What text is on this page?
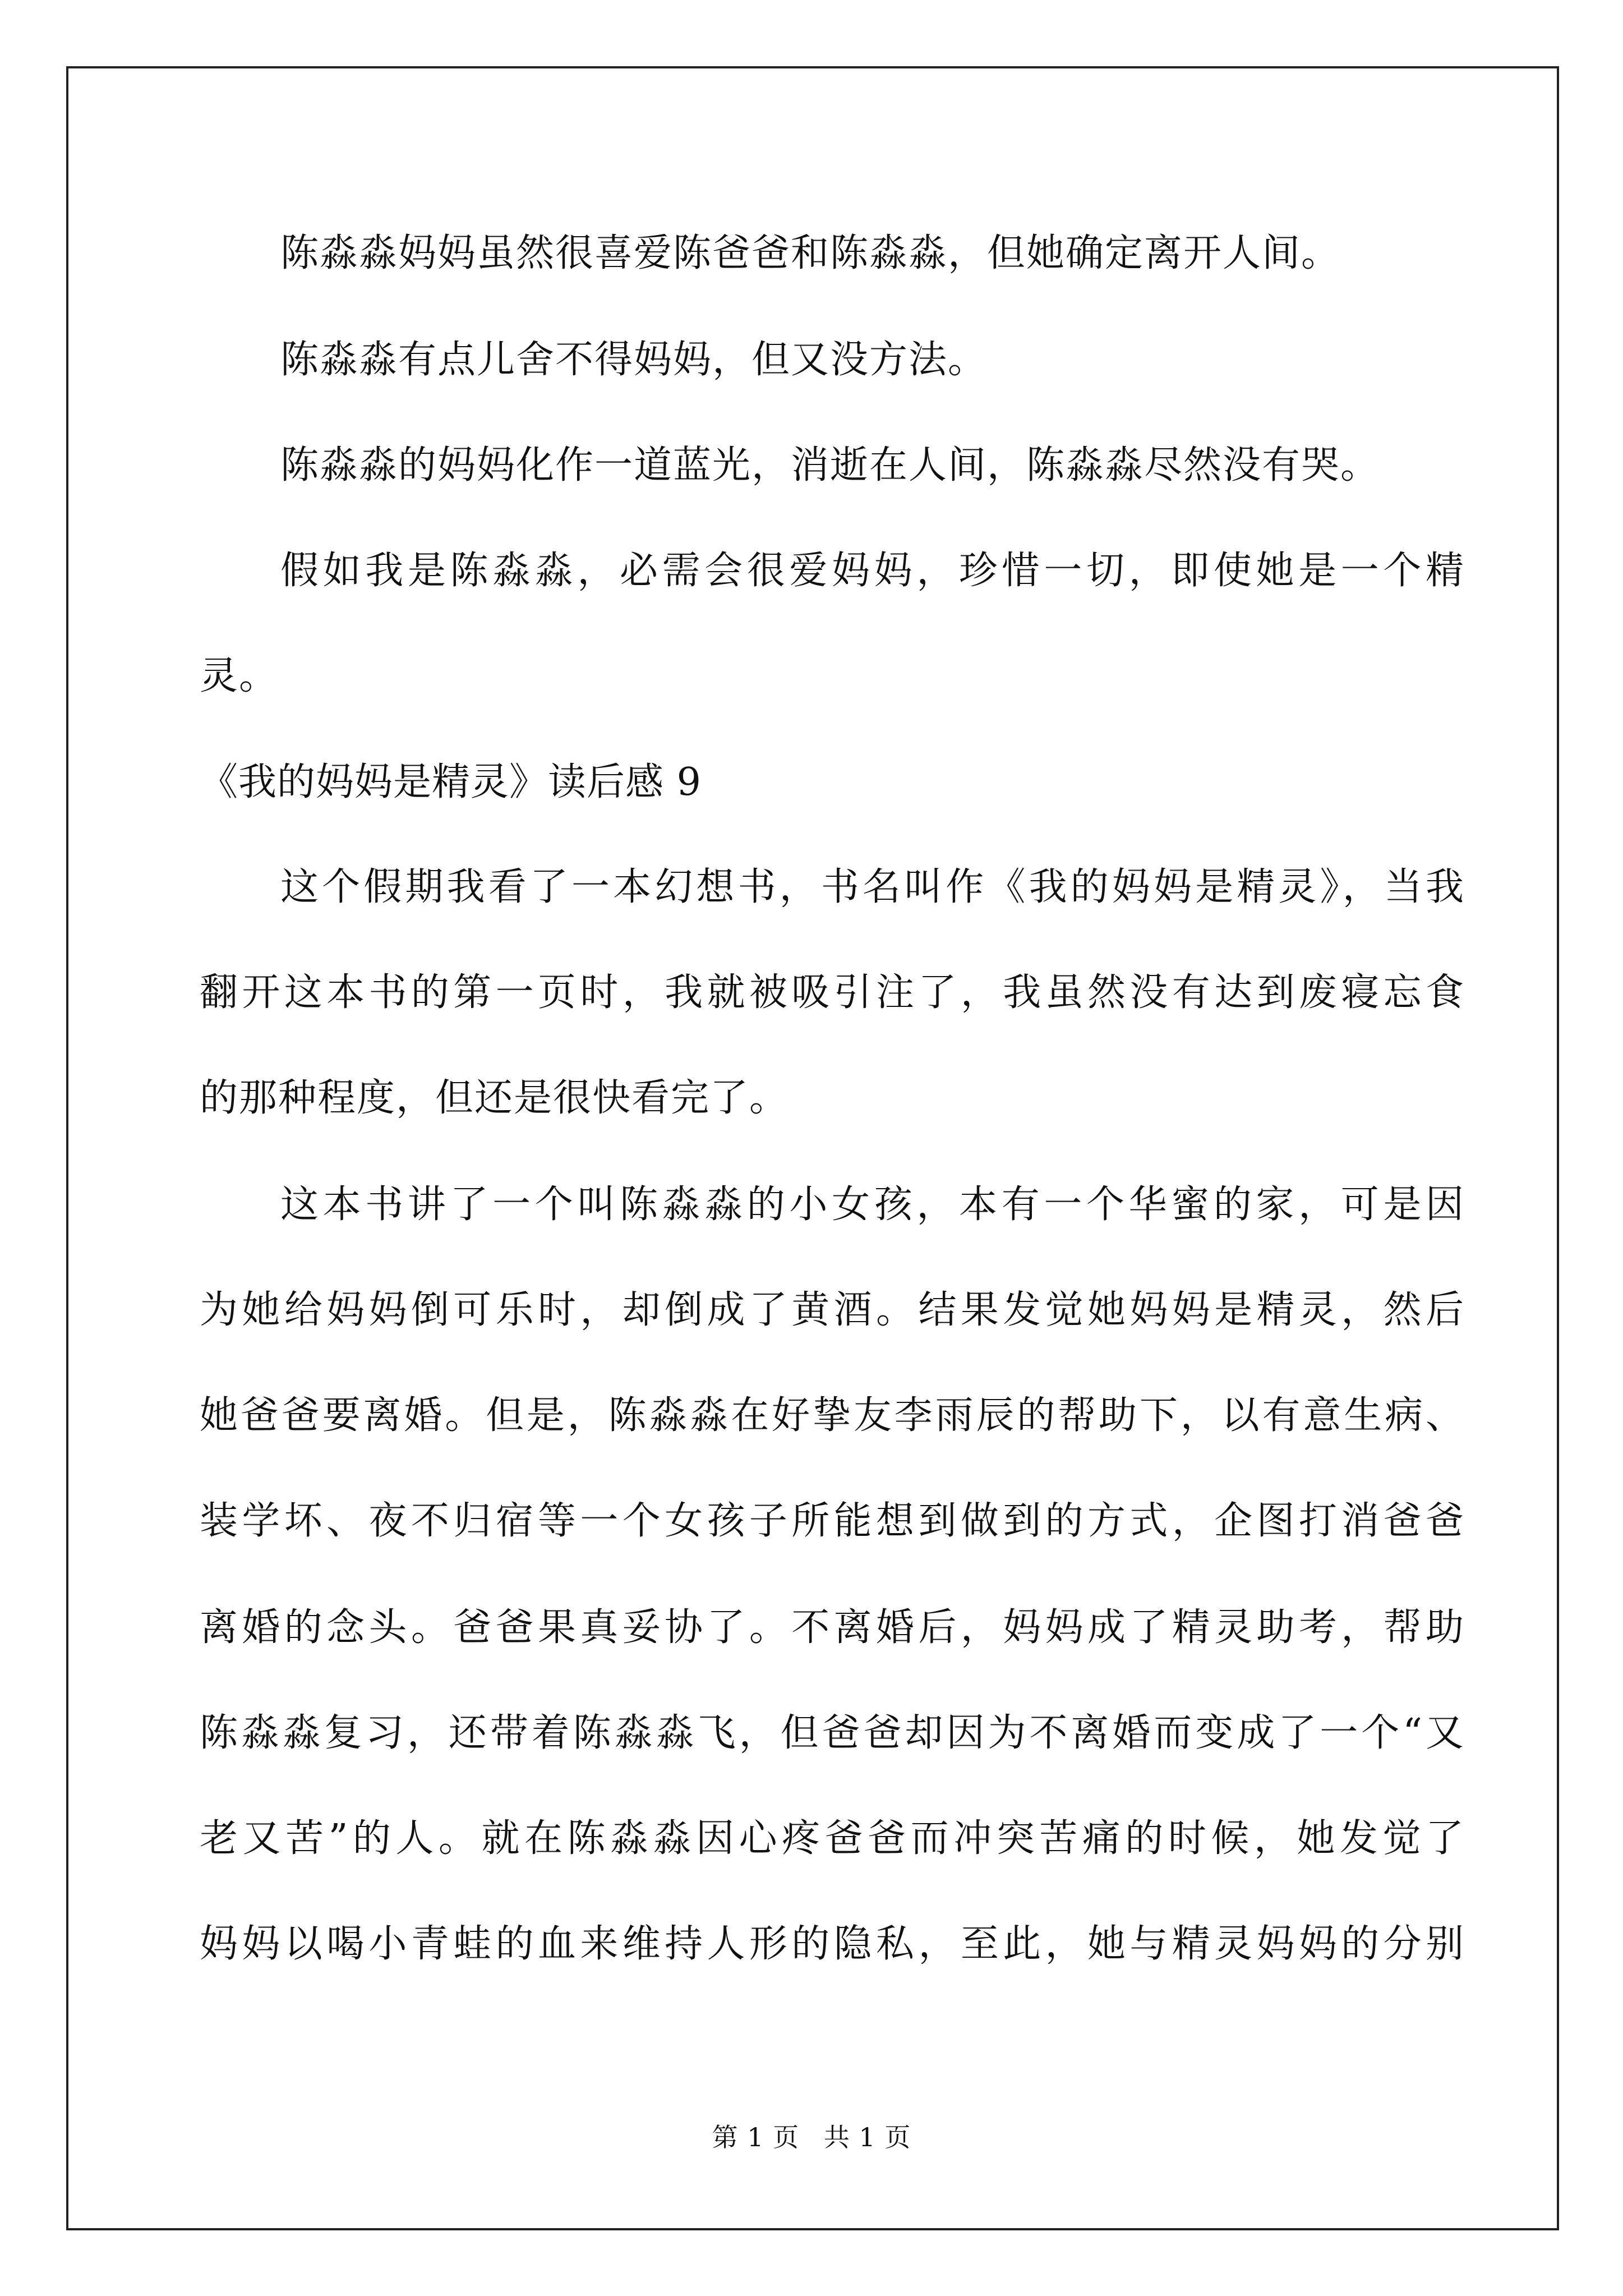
陈淼淼妈妈虽然很喜爱陈爸爸和陈淼淼，但她确定离开人间。
陈淼淼有点儿舍不得妈妈，但又没方法。
陈淼淼的妈妈化作一道蓝光，消逝在人间，陈淼淼尽然没有哭。
假如我是陈淼淼，必需会很爱妈妈，珍惜一切，即使她是一个精
灵。
《我的妈妈是精灵》读后感 9
这个假期我看了一本幻想书，书名叫作《我的妈妈是精灵》，当我
翻开这本书的第一页时，我就被吸引注了，我虽然没有达到废寝忘食
的那种程度，但还是很快看完了。
这本书讲了一个叫陈淼淼的小女孩，本有一个华蜜的家，可是因
为她给妈妈倒可乐时，却倒成了黄酒。结果发觉她妈妈是精灵，然后
她爸爸要离婚。但是，陈淼淼在好挚友李雨辰的帮助下，以有意生病、
装学坏、夜不归宿等一个女孩子所能想到做到的方式，企图打消爸爸
离婚的念头。爸爸果真妥协了。不离婚后，妈妈成了精灵助考，帮助
陈淼淼复习，还带着陈淼淼飞，但爸爸却因为不离婚而变成了一个“又
老又苦”的人。就在陈淼淼因心疼爸爸而冲突苦痛的时候，她发觉了
妈妈以喝小青蛙的血来维持人形的隐私，至此，她与精灵妈妈的分别
第 1 页 共 1 页
